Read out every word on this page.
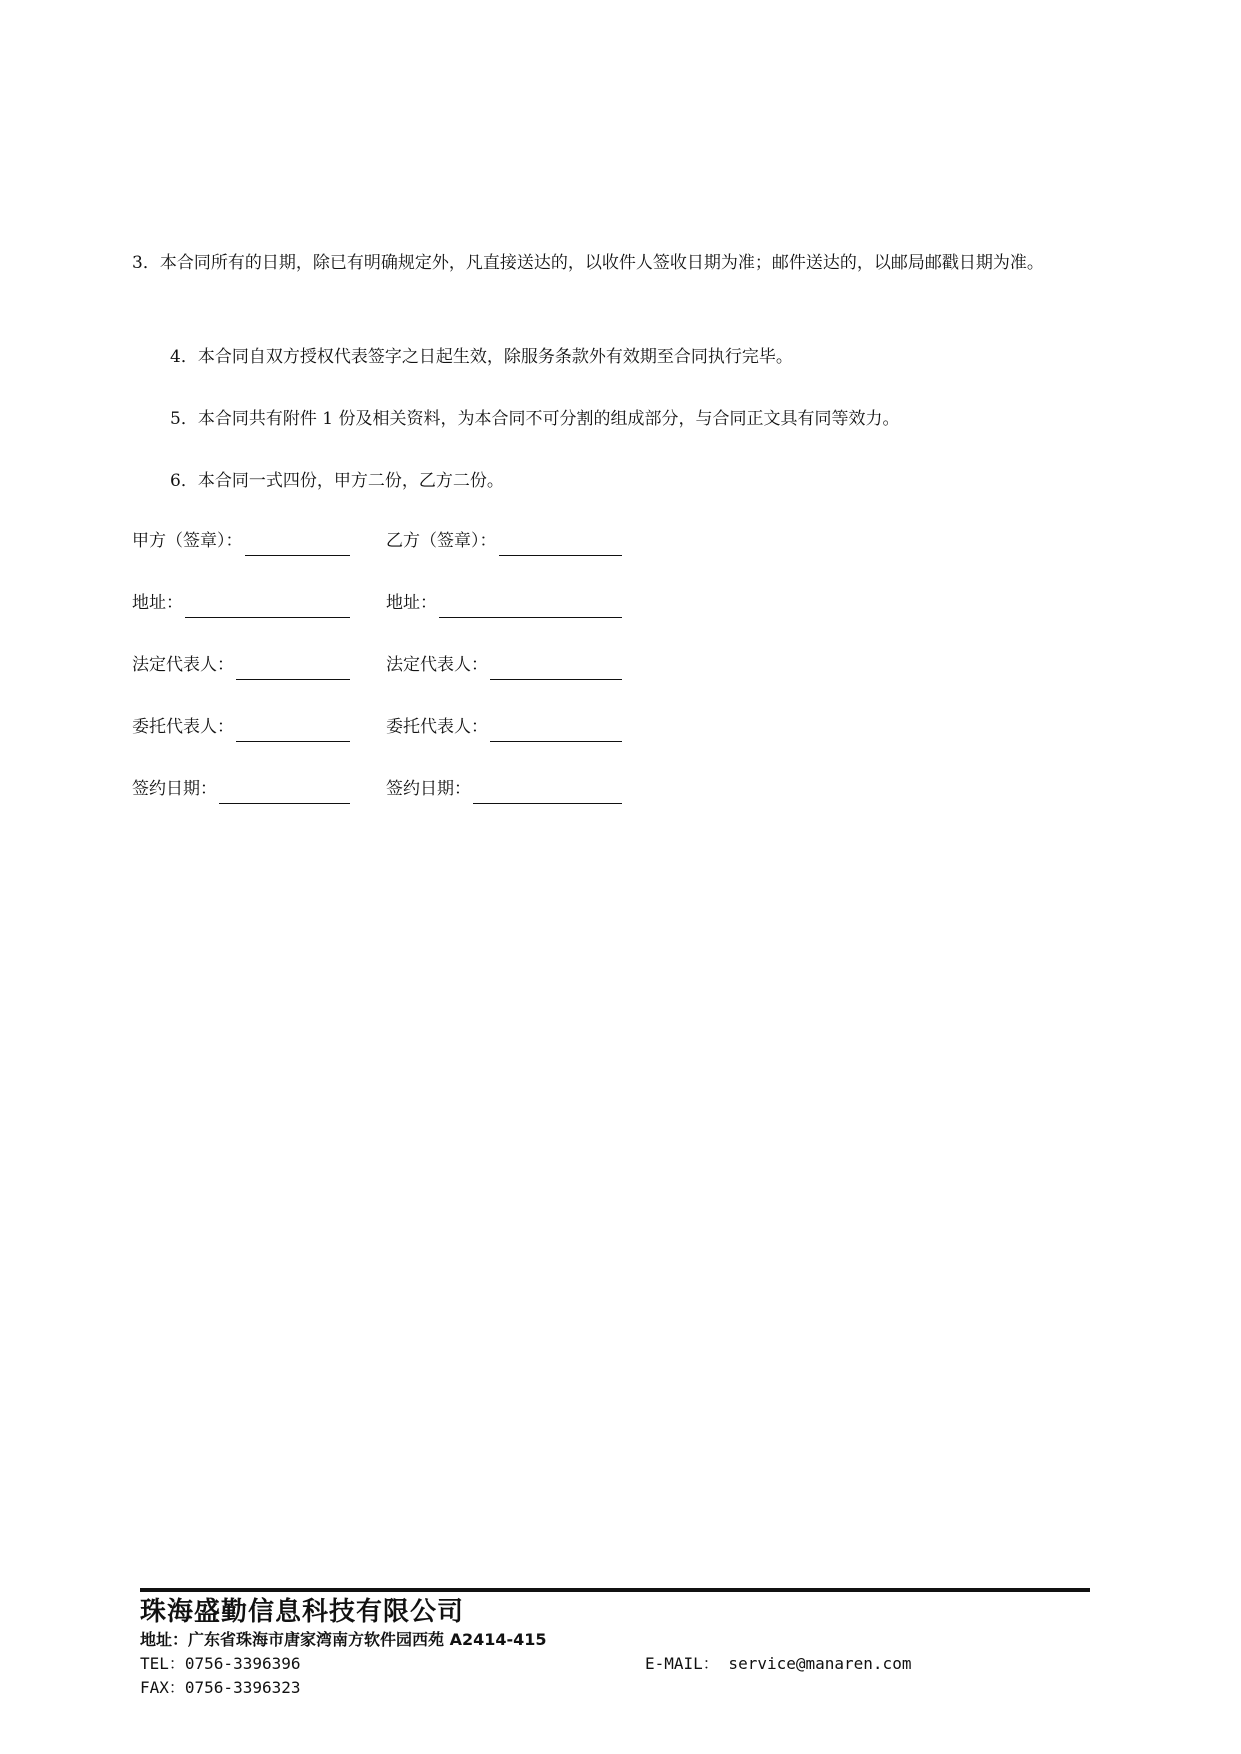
3．本合同所有的日期，除已有明确规定外，凡直接送达的，以收件人签收日期为准；邮件送达的，以邮局邮戳日期为准。

4．本合同自双方授权代表签字之日起生效，除服务条款外有效期至合同执行完毕。

5．本合同共有附件 1 份及相关资料，为本合同不可分割的组成部分，与合同正文具有同等效力。

6．本合同一式四份，甲方二份，乙方二份。

甲方（签章）：	乙方（签章）：
地址：	地址：
法定代表人：	法定代表人：
委托代表人：	委托代表人：
签约日期：	签约日期：
珠海盛勤信息科技有限公司
地址：广东省珠海市唐家湾南方软件园西苑 A2414-415
TEL：0756-3396396	E-MAIL： service@manaren.com
FAX：0756-3396323
